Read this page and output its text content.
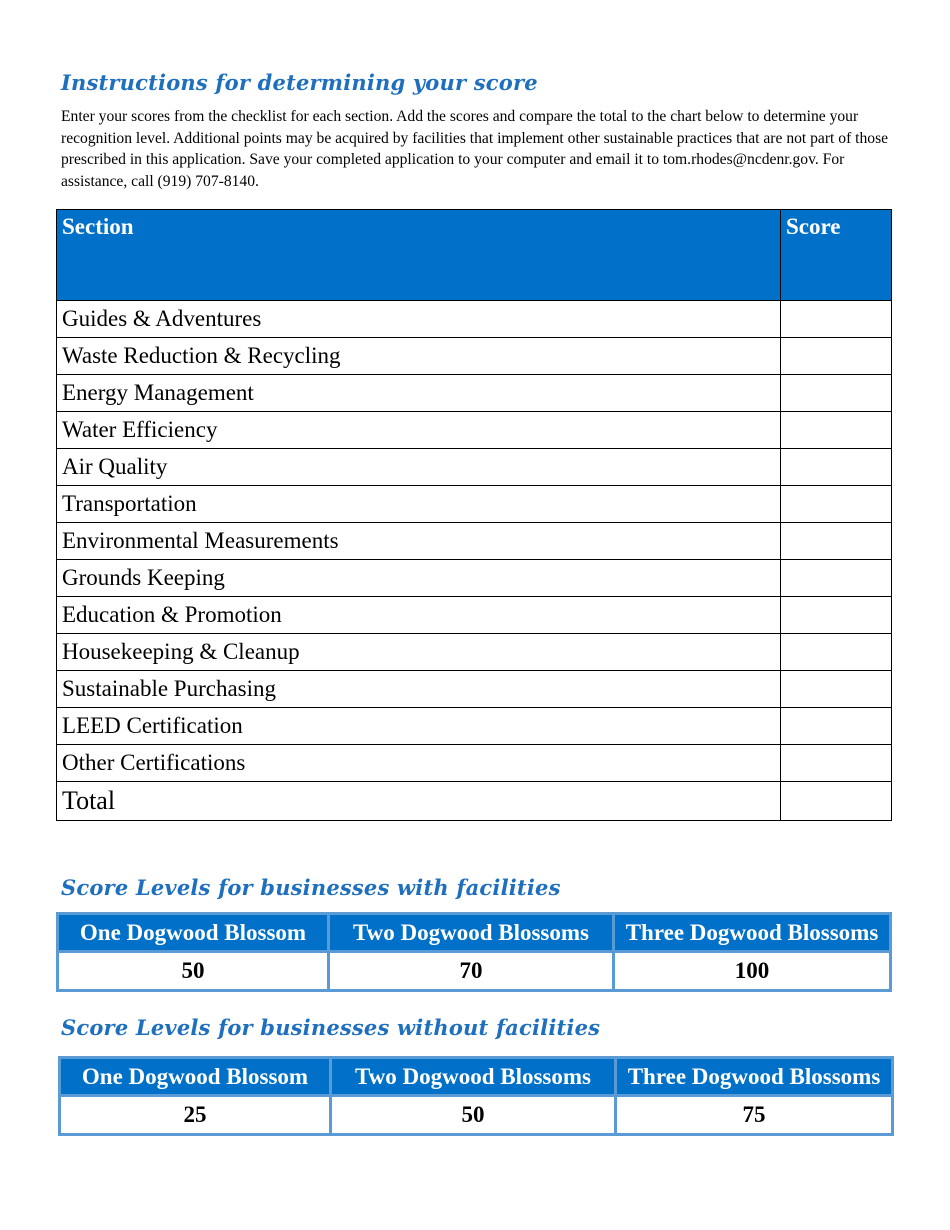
Instructions for determining your score

Enter your scores from the checklist for each section. Add the scores and compare the total to the chart below to determine your recognition level. Additional points may be acquired by facilities that implement other sustainable practices that are not part of those prescribed in this application. Save your completed application to your computer and email it to tom.rhodes@ncdenr.gov. For assistance, call (919) 707-8140.

Section	Score
Guides & Adventures	
Waste Reduction & Recycling	
Energy Management	
Water Efficiency	
Air Quality	
Transportation	
Environmental Measurements	
Grounds Keeping	
Education & Promotion	
Housekeeping & Cleanup	
Sustainable Purchasing	
LEED Certification	
Other Certifications	
Total	
Score Levels for businesses with facilities
One Dogwood Blossom	Two Dogwood Blossoms	Three Dogwood Blossoms
50	70	100
Score Levels for businesses without facilities
One Dogwood Blossom	Two Dogwood Blossoms	Three Dogwood Blossoms
25	50	75
